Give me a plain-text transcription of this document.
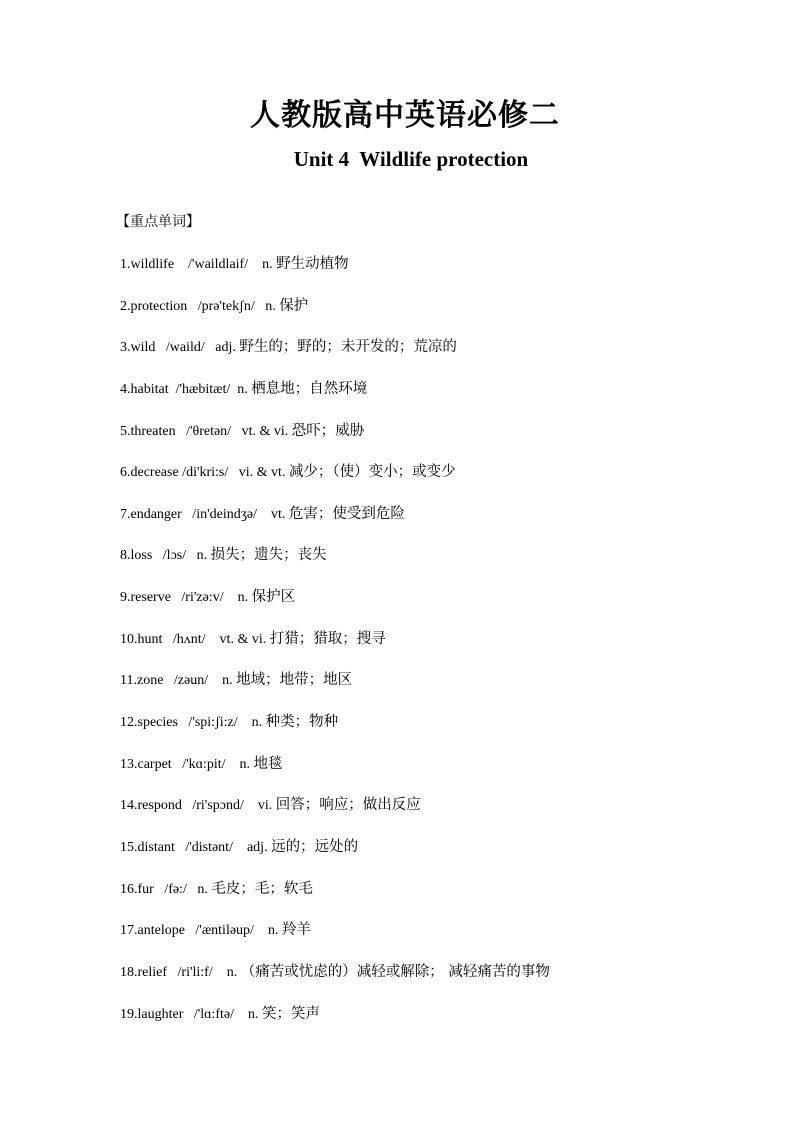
人教版高中英语必修二
Unit 4  Wildlife protection

【重点单词】

1.wildlife    /'waildlaif/    n. 野生动植物
2.protection   /prə'tekʃn/   n. 保护
3.wild   /waild/   adj. 野生的；野的；未开发的；荒凉的
4.habitat  /'hæbitæt/  n. 栖息地；自然环境
5.threaten   /'θretən/   vt. & vi. 恐吓；威胁
6.decrease /di'kri:s/   vi. & vt. 减少；（使）变小；或变少
7.endanger   /in'deindʒə/    vt. 危害；使受到危险
8.loss   /lɔs/   n. 损失；遗失；丧失
9.reserve   /ri'zə:v/    n. 保护区
10.hunt   /hʌnt/    vt. & vi. 打猎；猎取；搜寻
11.zone   /zəun/    n. 地域；地带；地区
12.species   /'spi:ʃi:z/    n. 种类；物种
13.carpet   /'kɑ:pit/    n. 地毯
14.respond   /ri'spɔnd/    vi. 回答；响应；做出反应
15.distant   /'distənt/    adj. 远的；远处的
16.fur   /fə:/   n. 毛皮；毛；软毛
17.antelope   /'æntiləup/    n. 羚羊
18.relief   /ri'li:f/    n. （痛苦或忧虑的）减轻或解除； 减轻痛苦的事物
19.laughter   /'lɑ:ftə/    n. 笑；笑声
